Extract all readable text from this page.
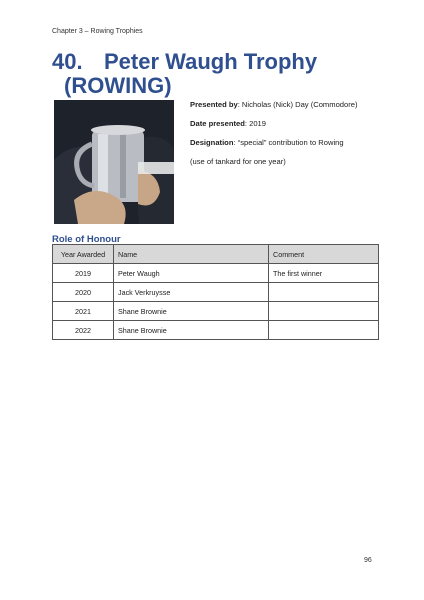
Chapter 3 – Rowing Trophies
40. Peter Waugh Trophy
(ROWING)

Presented by: Nicholas (Nick) Day (Commodore)

Date presented: 2019

Designation: “special” contribution to Rowing

(use of tankard for one year)

Role of Honour
Year Awarded	Name	Comment
2019	Peter Waugh	The first winner
2020	Jack Verkruysse	
2021	Shane Brownie	
2022	Shane Brownie	
96
